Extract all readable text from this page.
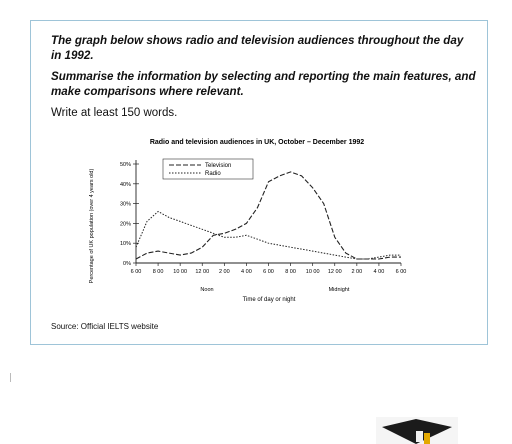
The graph below shows radio and television audiences throughout the day in 1992.

Summarise the information by selecting and reporting the main features, and make comparisons where relevant.

Write at least 150 words.

Radio and television audiences in UK, October – December 1992
Percentage of UK population (over 4 years old)
Time of day or night
Noon	Midnight
0%
10%
20%
30%
40%
50%
6 00 8 00 10 00 12 00 2 00 4 00 6 00 8 00 10 00 12 00 2 00 4 00 6 00
Television
Radio

Source: Official IELTS website
